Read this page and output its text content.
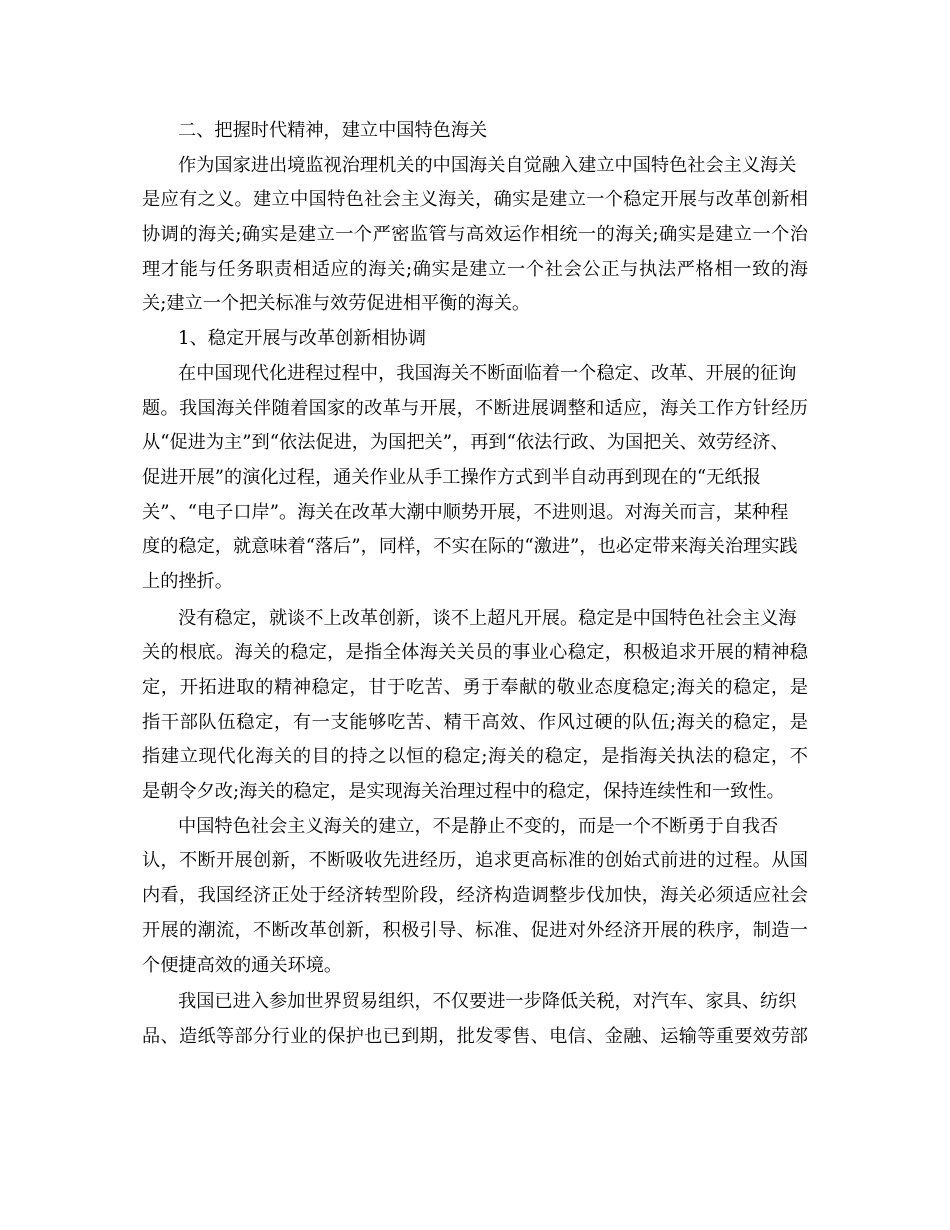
二、把握时代精神，建立中国特色海关
作为国家进出境监视治理机关的中国海关自觉融入建立中国特色社会主义海关
是应有之义。建立中国特色社会主义海关，确实是建立一个稳定开展与改革创新相
协调的海关;确实是建立一个严密监管与高效运作相统一的海关;确实是建立一个治
理才能与任务职责相适应的海关;确实是建立一个社会公正与执法严格相一致的海
关;建立一个把关标准与效劳促进相平衡的海关。
1、稳定开展与改革创新相协调
在中国现代化进程过程中，我国海关不断面临着一个稳定、改革、开展的征询
题。我国海关伴随着国家的改革与开展，不断进展调整和适应，海关工作方针经历
从“促进为主”到“依法促进，为国把关”，再到“依法行政、为国把关、效劳经济、
促进开展”的演化过程，通关作业从手工操作方式到半自动再到现在的“无纸报
关”、“电子口岸”。海关在改革大潮中顺势开展，不进则退。对海关而言，某种程
度的稳定，就意味着“落后”，同样，不实在际的“激进”，也必定带来海关治理实践
上的挫折。
没有稳定，就谈不上改革创新，谈不上超凡开展。稳定是中国特色社会主义海
关的根底。海关的稳定，是指全体海关关员的事业心稳定，积极追求开展的精神稳
定，开拓进取的精神稳定，甘于吃苦、勇于奉献的敬业态度稳定;海关的稳定，是
指干部队伍稳定，有一支能够吃苦、精干高效、作风过硬的队伍;海关的稳定，是
指建立现代化海关的目的持之以恒的稳定;海关的稳定，是指海关执法的稳定，不
是朝令夕改;海关的稳定，是实现海关治理过程中的稳定，保持连续性和一致性。
中国特色社会主义海关的建立，不是静止不变的，而是一个不断勇于自我否
认，不断开展创新，不断吸收先进经历，追求更高标准的创始式前进的过程。从国
内看，我国经济正处于经济转型阶段，经济构造调整步伐加快，海关必须适应社会
开展的潮流，不断改革创新，积极引导、标准、促进对外经济开展的秩序，制造一
个便捷高效的通关环境。
我国已进入参加世界贸易组织，不仅要进一步降低关税，对汽车、家具、纺织
品、造纸等部分行业的保护也已到期，批发零售、电信、金融、运输等重要效劳部
